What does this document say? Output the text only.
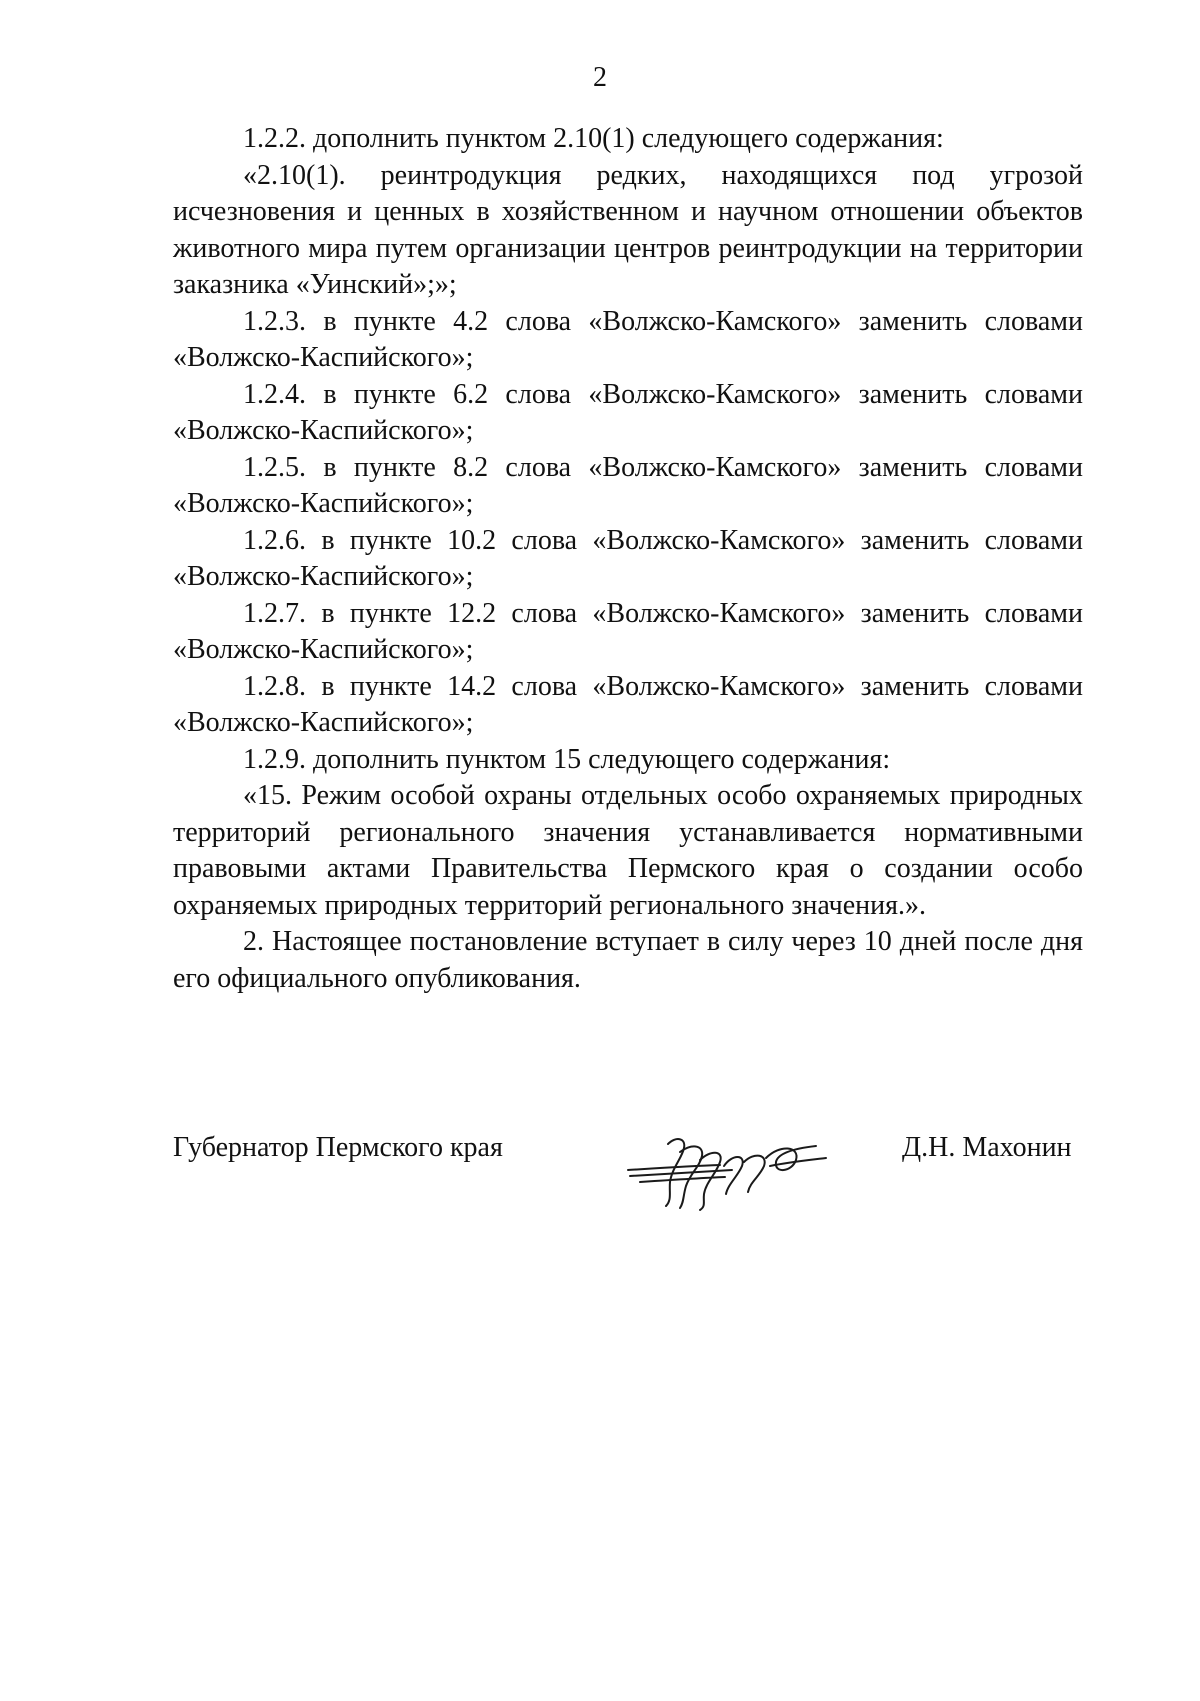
2

1.2.2. дополнить пунктом 2.10(1) следующего содержания:

«2.10(1). реинтродукция редких, находящихся под угрозой исчезновения и ценных в хозяйственном и научном отношении объектов животного мира путем организации центров реинтродукции на территории заказника «Уинский»;»;

1.2.3. в пункте 4.2 слова «Волжско-Камского» заменить словами «Волжско-Каспийского»;

1.2.4. в пункте 6.2 слова «Волжско-Камского» заменить словами «Волжско-Каспийского»;

1.2.5. в пункте 8.2 слова «Волжско-Камского» заменить словами «Волжско-Каспийского»;

1.2.6. в пункте 10.2 слова «Волжско-Камского» заменить словами «Волжско-Каспийского»;

1.2.7. в пункте 12.2 слова «Волжско-Камского» заменить словами «Волжско-Каспийского»;

1.2.8. в пункте 14.2 слова «Волжско-Камского» заменить словами «Волжско-Каспийского»;

1.2.9. дополнить пунктом 15 следующего содержания:

«15. Режим особой охраны отдельных особо охраняемых природных территорий регионального значения устанавливается нормативными правовыми актами Правительства Пермского края о создании особо охраняемых природных территорий регионального значения.».

2. Настоящее постановление вступает в силу через 10 дней после дня его официального опубликования.

Губернатор Пермского края	Д.Н. Махонин
